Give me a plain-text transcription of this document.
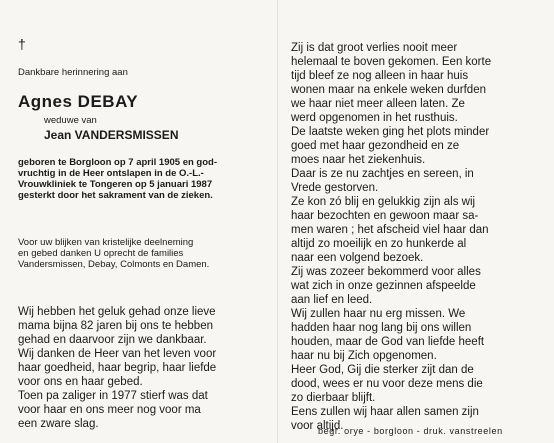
†
Dankbare herinnering aan
Agnes DEBAY
weduwe van
Jean VANDERSMISSEN
geboren te Borgloon op 7 april 1905 en god-
vruchtig in de Heer ontslapen in de O.-L.-
Vrouwkliniek te Tongeren op 5 januari 1987
gesterkt door het sakrament van de zieken.
Voor uw blijken van kristelijke deelneming
en gebed danken U oprecht de families
Vandersmissen, Debay, Colmonts en Damen.
Wij hebben het geluk gehad onze lieve
mama bijna 82 jaren bij ons te hebben
gehad en daarvoor zijn we dankbaar.
Wij danken de Heer van het leven voor
haar goedheid, haar begrip, haar liefde
voor ons en haar gebed.
Toen pa zaliger in 1977 stierf was dat
voor haar en ons meer nog voor ma
een zware slag.
Zij is dat groot verlies nooit meer
helemaal te boven gekomen. Een korte
tijd bleef ze nog alleen in haar huis
wonen maar na enkele weken durfden
we haar niet meer alleen laten. Ze
werd opgenomen in het rusthuis.
De laatste weken ging het plots minder
goed met haar gezondheid en ze
moes naar het ziekenhuis.
Daar is ze nu zachtjes en sereen, in
Vrede gestorven.
Ze kon zó blij en gelukkig zijn als wij
haar bezochten en gewoon maar sa-
men waren ; het afscheid viel haar dan
altijd zo moeilijk en zo hunkerde al
naar een volgend bezoek.
Zij was zozeer bekommerd voor alles
wat zich in onze gezinnen afspeelde
aan lief en leed.
Wij zullen haar nu erg missen. We
hadden haar nog lang bij ons willen
houden, maar de God van liefde heeft
haar nu bij Zich opgenomen.
Heer God, Gij die sterker zijt dan de
dood, wees er nu voor deze mens die
zo dierbaar blijft.
Eens zullen wij haar allen samen zijn
voor altijd.
begr. orye - borgloon - druk. vanstreelen
